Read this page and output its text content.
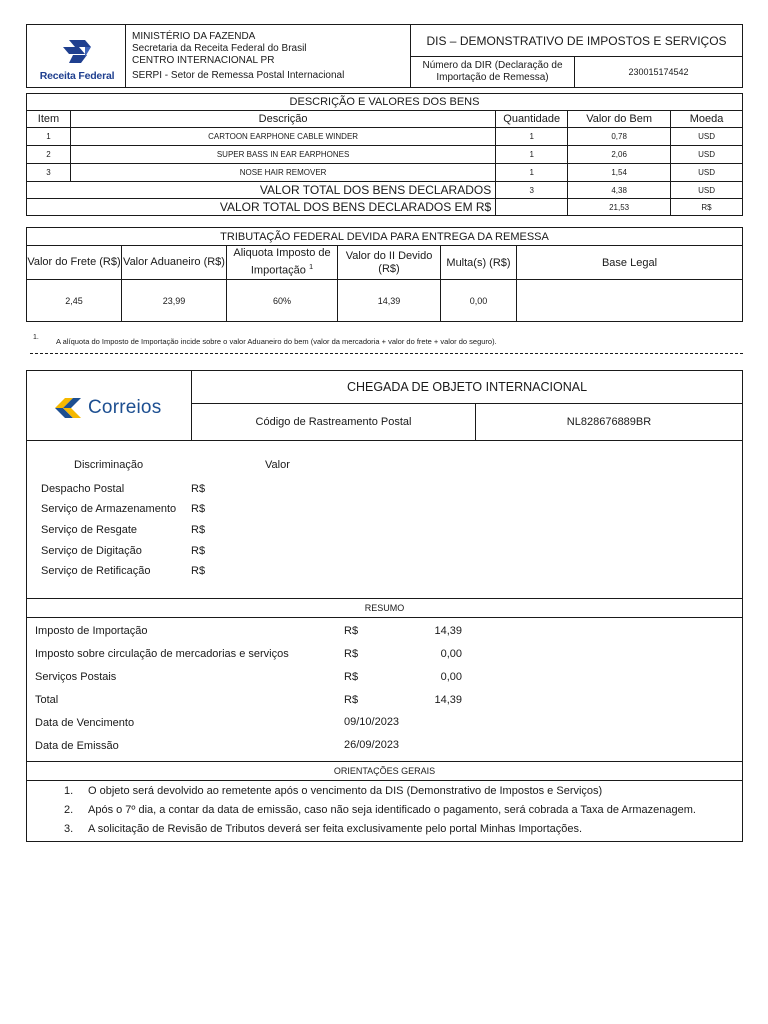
Receita Federal
MINISTÉRIO DA FAZENDA
Secretaria da Receita Federal do Brasil
CENTRO INTERNACIONAL PR
SERPI - Setor de Remessa Postal Internacional
DIS – DEMONSTRATIVO DE IMPOSTOS E SERVIÇOS
Número da DIR (Declaração de Importação de Remessa)	230015174542
DESCRIÇÃO E VALORES DOS BENS
Item	Descrição	Quantidade	Valor do Bem	Moeda
1	CARTOON EARPHONE CABLE WINDER	1	0,78	USD
2	SUPER BASS IN EAR EARPHONES	1	2,06	USD
3	NOSE HAIR REMOVER	1	1,54	USD
VALOR TOTAL DOS BENS DECLARADOS		3	4,38	USD
VALOR TOTAL DOS BENS DECLARADOS EM R$			21,53	R$
TRIBUTAÇÃO FEDERAL DEVIDA PARA ENTREGA DA REMESSA
Valor do Frete (R$)	Valor Aduaneiro (R$)	Aliquota Imposto de Importação $^1$	Valor do II Devido (R$)	Multa(s) (R$)	Base Legal
2,45	23,99	60%	14,39	0,00	
1. A alíquota do Imposto de Importação incide sobre o valor Aduaneiro do bem (valor da mercadoria + valor do frete + valor do seguro).
Correios
CHEGADA DE OBJETO INTERNACIONAL
Código de Rastreamento Postal	NL828676889BR
Discriminação	Valor
Despacho Postal	R$
Serviço de Armazenamento R$
Serviço de Resgate	R$
Serviço de Digitação	R$
Serviço de Retificação	R$
RESUMO
Imposto de Importação	R$	14,39
Imposto sobre circulação de mercadorias e serviços	R$	0,00
Serviços Postais	R$	0,00
Total	R$	14,39
Data de Vencimento	09/10/2023
Data de Emissão	26/09/2023
ORIENTAÇÕES GERAIS
1. O objeto será devolvido ao remetente após o vencimento da DIS (Demonstrativo de Impostos e Serviços)
2. Após o 7º dia, a contar da data de emissão, caso não seja identificado o pagamento, será cobrada a Taxa de Armazenagem.
3. A solicitação de Revisão de Tributos deverá ser feita exclusivamente pelo portal Minhas Importações.
